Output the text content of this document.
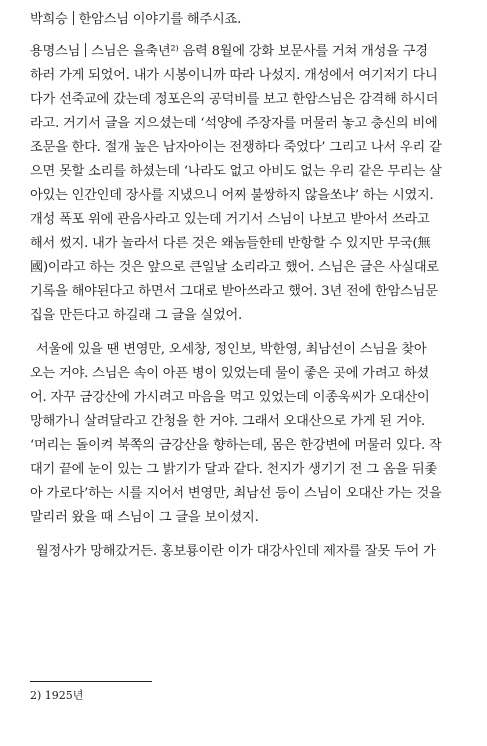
박희승 한암스님 이야기를 해주시죠.
용명스님 스님은 을축년²⁾ 음력 8월에 강화 보문사를 거쳐 개성을 구경
하러 가게 되었어. 내가 시봉이니까 따라 나섰지. 개성에서 여기저기 다니
다가 선죽교에 갔는데 정포은의 공덕비를 보고 한암스님은 감격해 하시더
라고. 거기서 글을 지으셨는데 ‘석양에 주장자를 머물러 놓고 충신의 비에
조문을 한다. 절개 높은 남자아이는 전쟁하다 죽었다’ 그리고 나서 우리 같
으면 못할 소리를 하셨는데 ‘나라도 없고 아비도 없는 우리 같은 무리는 살
아있는 인간인데 장사를 지냈으니 어찌 불쌍하지 않을쏘냐’ 하는 시였지.
개성 폭포 위에 관음사라고 있는데 거기서 스님이 나보고 받아서 쓰라고
해서 썼지. 내가 놀라서 다른 것은 왜놈들한테 반항할 수 있지만 무국(無
國)이라고 하는 것은 앞으로 큰일날 소리라고 했어. 스님은 글은 사실대로
기록을 해야된다고 하면서 그대로 받아쓰라고 했어. 3년 전에 한암스님문
집을 만든다고 하길래 그 글을 실었어.
서울에 있을 땐 변영만, 오세창, 정인보, 박한영, 최남선이 스님을 찾아
오는 거야. 스님은 속이 아픈 병이 있었는데 물이 좋은 곳에 가려고 하셨
어. 자꾸 금강산에 가시려고 마음을 먹고 있었는데 이종욱씨가 오대산이
망해가니 살려달라고 간청을 한 거야. 그래서 오대산으로 가게 된 거야.
‘머리는 돌이켜 북쪽의 금강산을 향하는데, 몸은 한강변에 머물러 있다. 작
대기 끝에 눈이 있는 그 밝기가 달과 같다. 천지가 생기기 전 그 옴을 뒤좇
아 가로다’하는 시를 지어서 변영만, 최남선 등이 스님이 오대산 가는 것을
말리러 왔을 때 스님이 그 글을 보이셨지.
월정사가 망해갔거든. 홍보룡이란 이가 대강사인데 제자를 잘못 두어 가
2) 1925년
